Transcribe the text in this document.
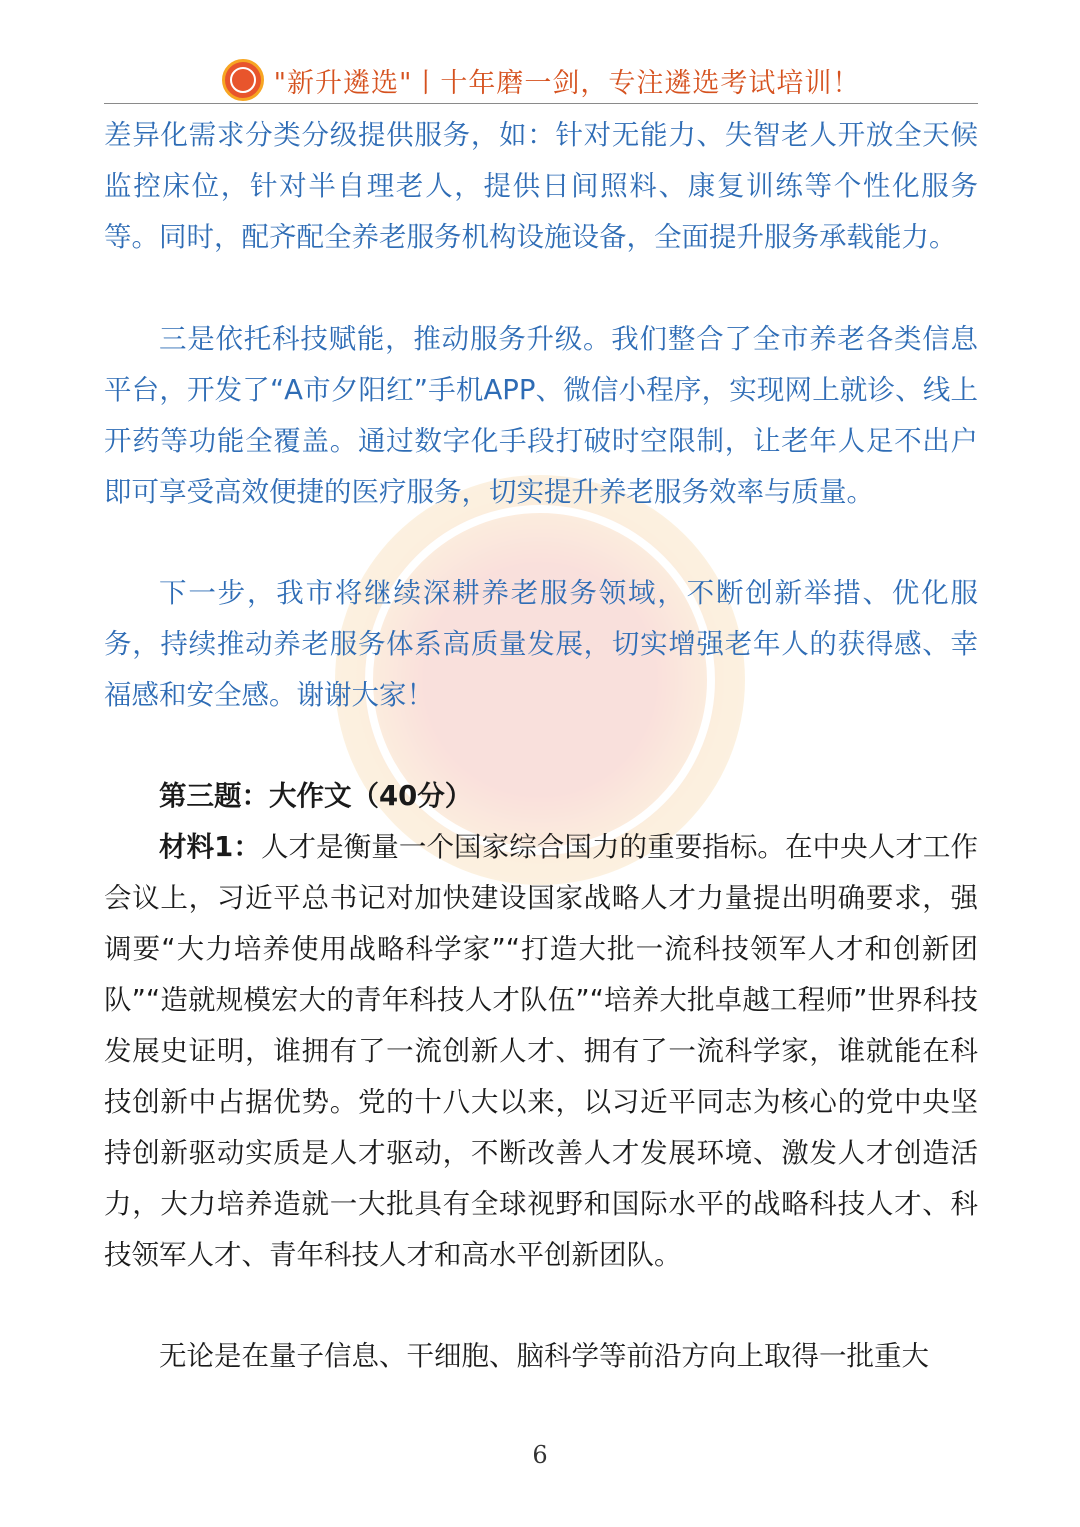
"新升遴选"丨十年磨一剑，专注遴选考试培训！

差异化需求分类分级提供服务，如：针对无能力、失智老人开放全天候监控床位，针对半自理老人，提供日间照料、康复训练等个性化服务等。同时，配齐配全养老服务机构设施设备，全面提升服务承载能力。

三是依托科技赋能，推动服务升级。我们整合了全市养老各类信息平台，开发了“A市夕阳红”手机APP、微信小程序，实现网上就诊、线上开药等功能全覆盖。通过数字化手段打破时空限制，让老年人足不出户即可享受高效便捷的医疗服务，切实提升养老服务效率与质量。

下一步，我市将继续深耕养老服务领域，不断创新举措、优化服务，持续推动养老服务体系高质量发展，切实增强老年人的获得感、幸福感和安全感。谢谢大家！

第三题：大作文（40分）

材料1：人才是衡量一个国家综合国力的重要指标。在中央人才工作会议上，习近平总书记对加快建设国家战略人才力量提出明确要求，强调要“大力培养使用战略科学家”“打造大批一流科技领军人才和创新团队”“造就规模宏大的青年科技人才队伍”“培养大批卓越工程师”世界科技发展史证明，谁拥有了一流创新人才、拥有了一流科学家，谁就能在科技创新中占据优势。党的十八大以来，以习近平同志为核心的党中央坚持创新驱动实质是人才驱动，不断改善人才发展环境、激发人才创造活力，大力培养造就一大批具有全球视野和国际水平的战略科技人才、科技领军人才、青年科技人才和高水平创新团队。

无论是在量子信息、干细胞、脑科学等前沿方向上取得一批重大

6
